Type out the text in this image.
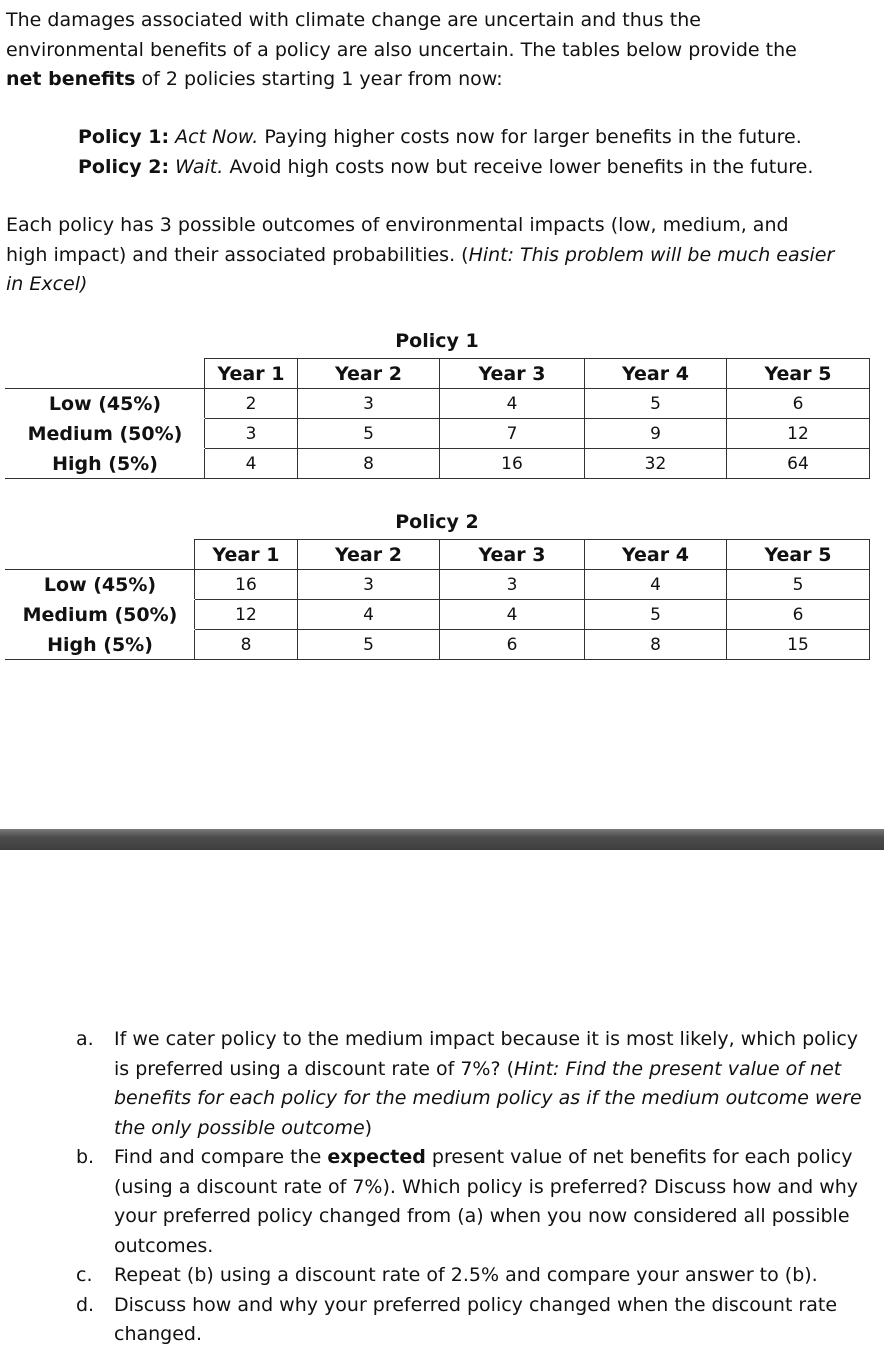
The damages associated with climate change are uncertain and thus the
environmental benefits of a policy are also uncertain. The tables below provide the
net benefits of 2 policies starting 1 year from now:
Policy 1: Act Now. Paying higher costs now for larger benefits in the future.
Policy 2: Wait. Avoid high costs now but receive lower benefits in the future.
Each policy has 3 possible outcomes of environmental impacts (low, medium, and
high impact) and their associated probabilities. (Hint: This problem will be much easier
in Excel)
Policy 1
	Year 1	Year 2	Year 3	Year 4	Year 5
Low (45%)	2	3	4	5	6
Medium (50%)	3	5	7	9	12
High (5%)	4	8	16	32	64
Policy 2
	Year 1	Year 2	Year 3	Year 4	Year 5
Low (45%)	16	3	3	4	5
Medium (50%)	12	4	4	5	6
High (5%)	8	5	6	8	15
a. If we cater policy to the medium impact because it is most likely, which policy is preferred using a discount rate of 7%? (Hint: Find the present value of net benefits for each policy for the medium policy as if the medium outcome were the only possible outcome)
b. Find and compare the expected present value of net benefits for each policy (using a discount rate of 7%). Which policy is preferred? Discuss how and why your preferred policy changed from (a) when you now considered all possible outcomes.
c. Repeat (b) using a discount rate of 2.5% and compare your answer to (b).
d. Discuss how and why your preferred policy changed when the discount rate changed.
